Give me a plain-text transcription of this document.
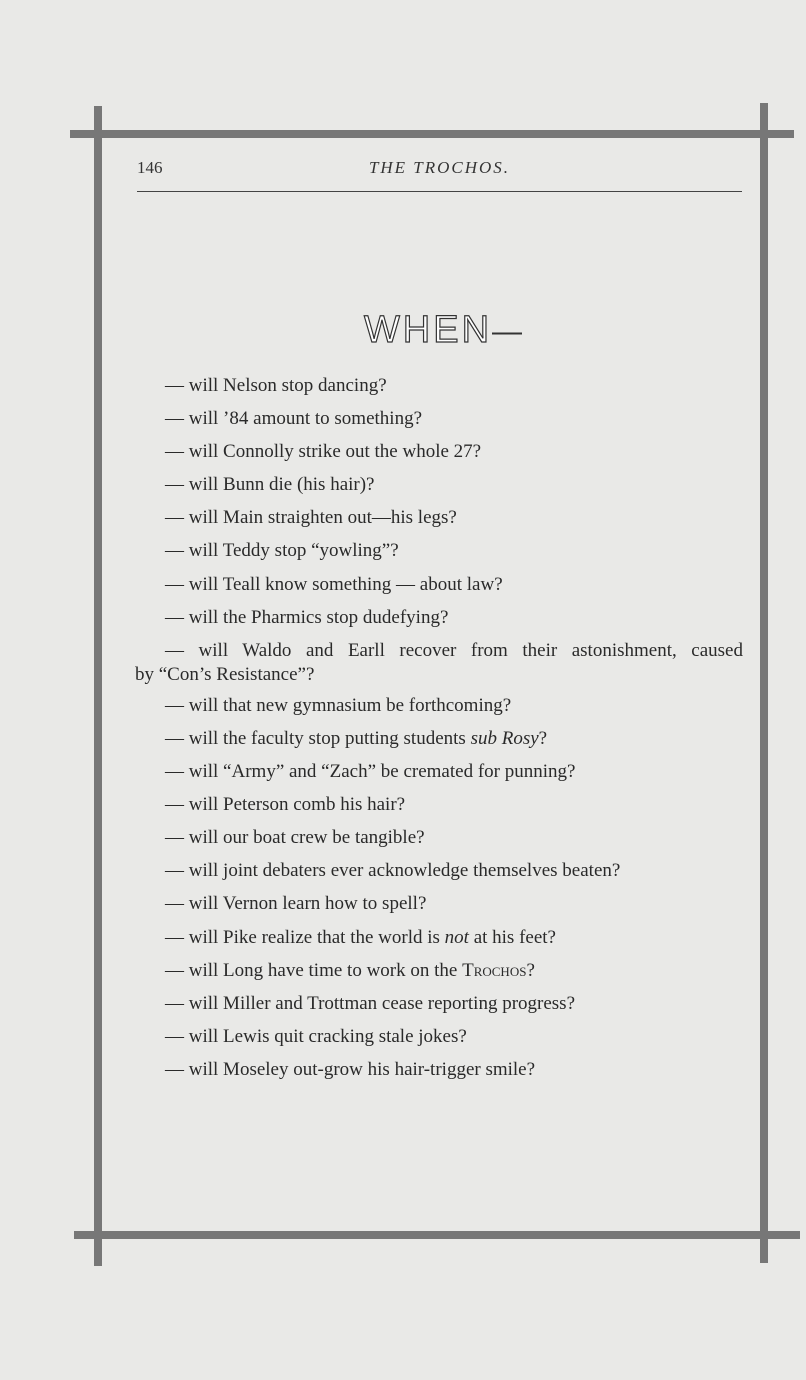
146	THE TROCHOS.
WHEN—
— will Nelson stop dancing?
— will ’84 amount to something?
— will Connolly strike out the whole 27?
— will Bunn die (his hair)?
— will Main straighten out—his legs?
— will Teddy stop “yowling”?
— will Teall know something — about law?
— will the Pharmics stop dudefying?
— will Waldo and Earll recover from their astonishment, caused
by “Con’s Resistance”?
— will that new gymnasium be forthcoming?
— will the faculty stop putting students sub Rosy?
— will “Army” and “Zach” be cremated for punning?
— will Peterson comb his hair?
— will our boat crew be tangible?
— will joint debaters ever acknowledge themselves beaten?
— will Vernon learn how to spell?
— will Pike realize that the world is not at his feet?
— will Long have time to work on the Trochos?
— will Miller and Trottman cease reporting progress?
— will Lewis quit cracking stale jokes?
— will Moseley out-grow his hair-trigger smile?
